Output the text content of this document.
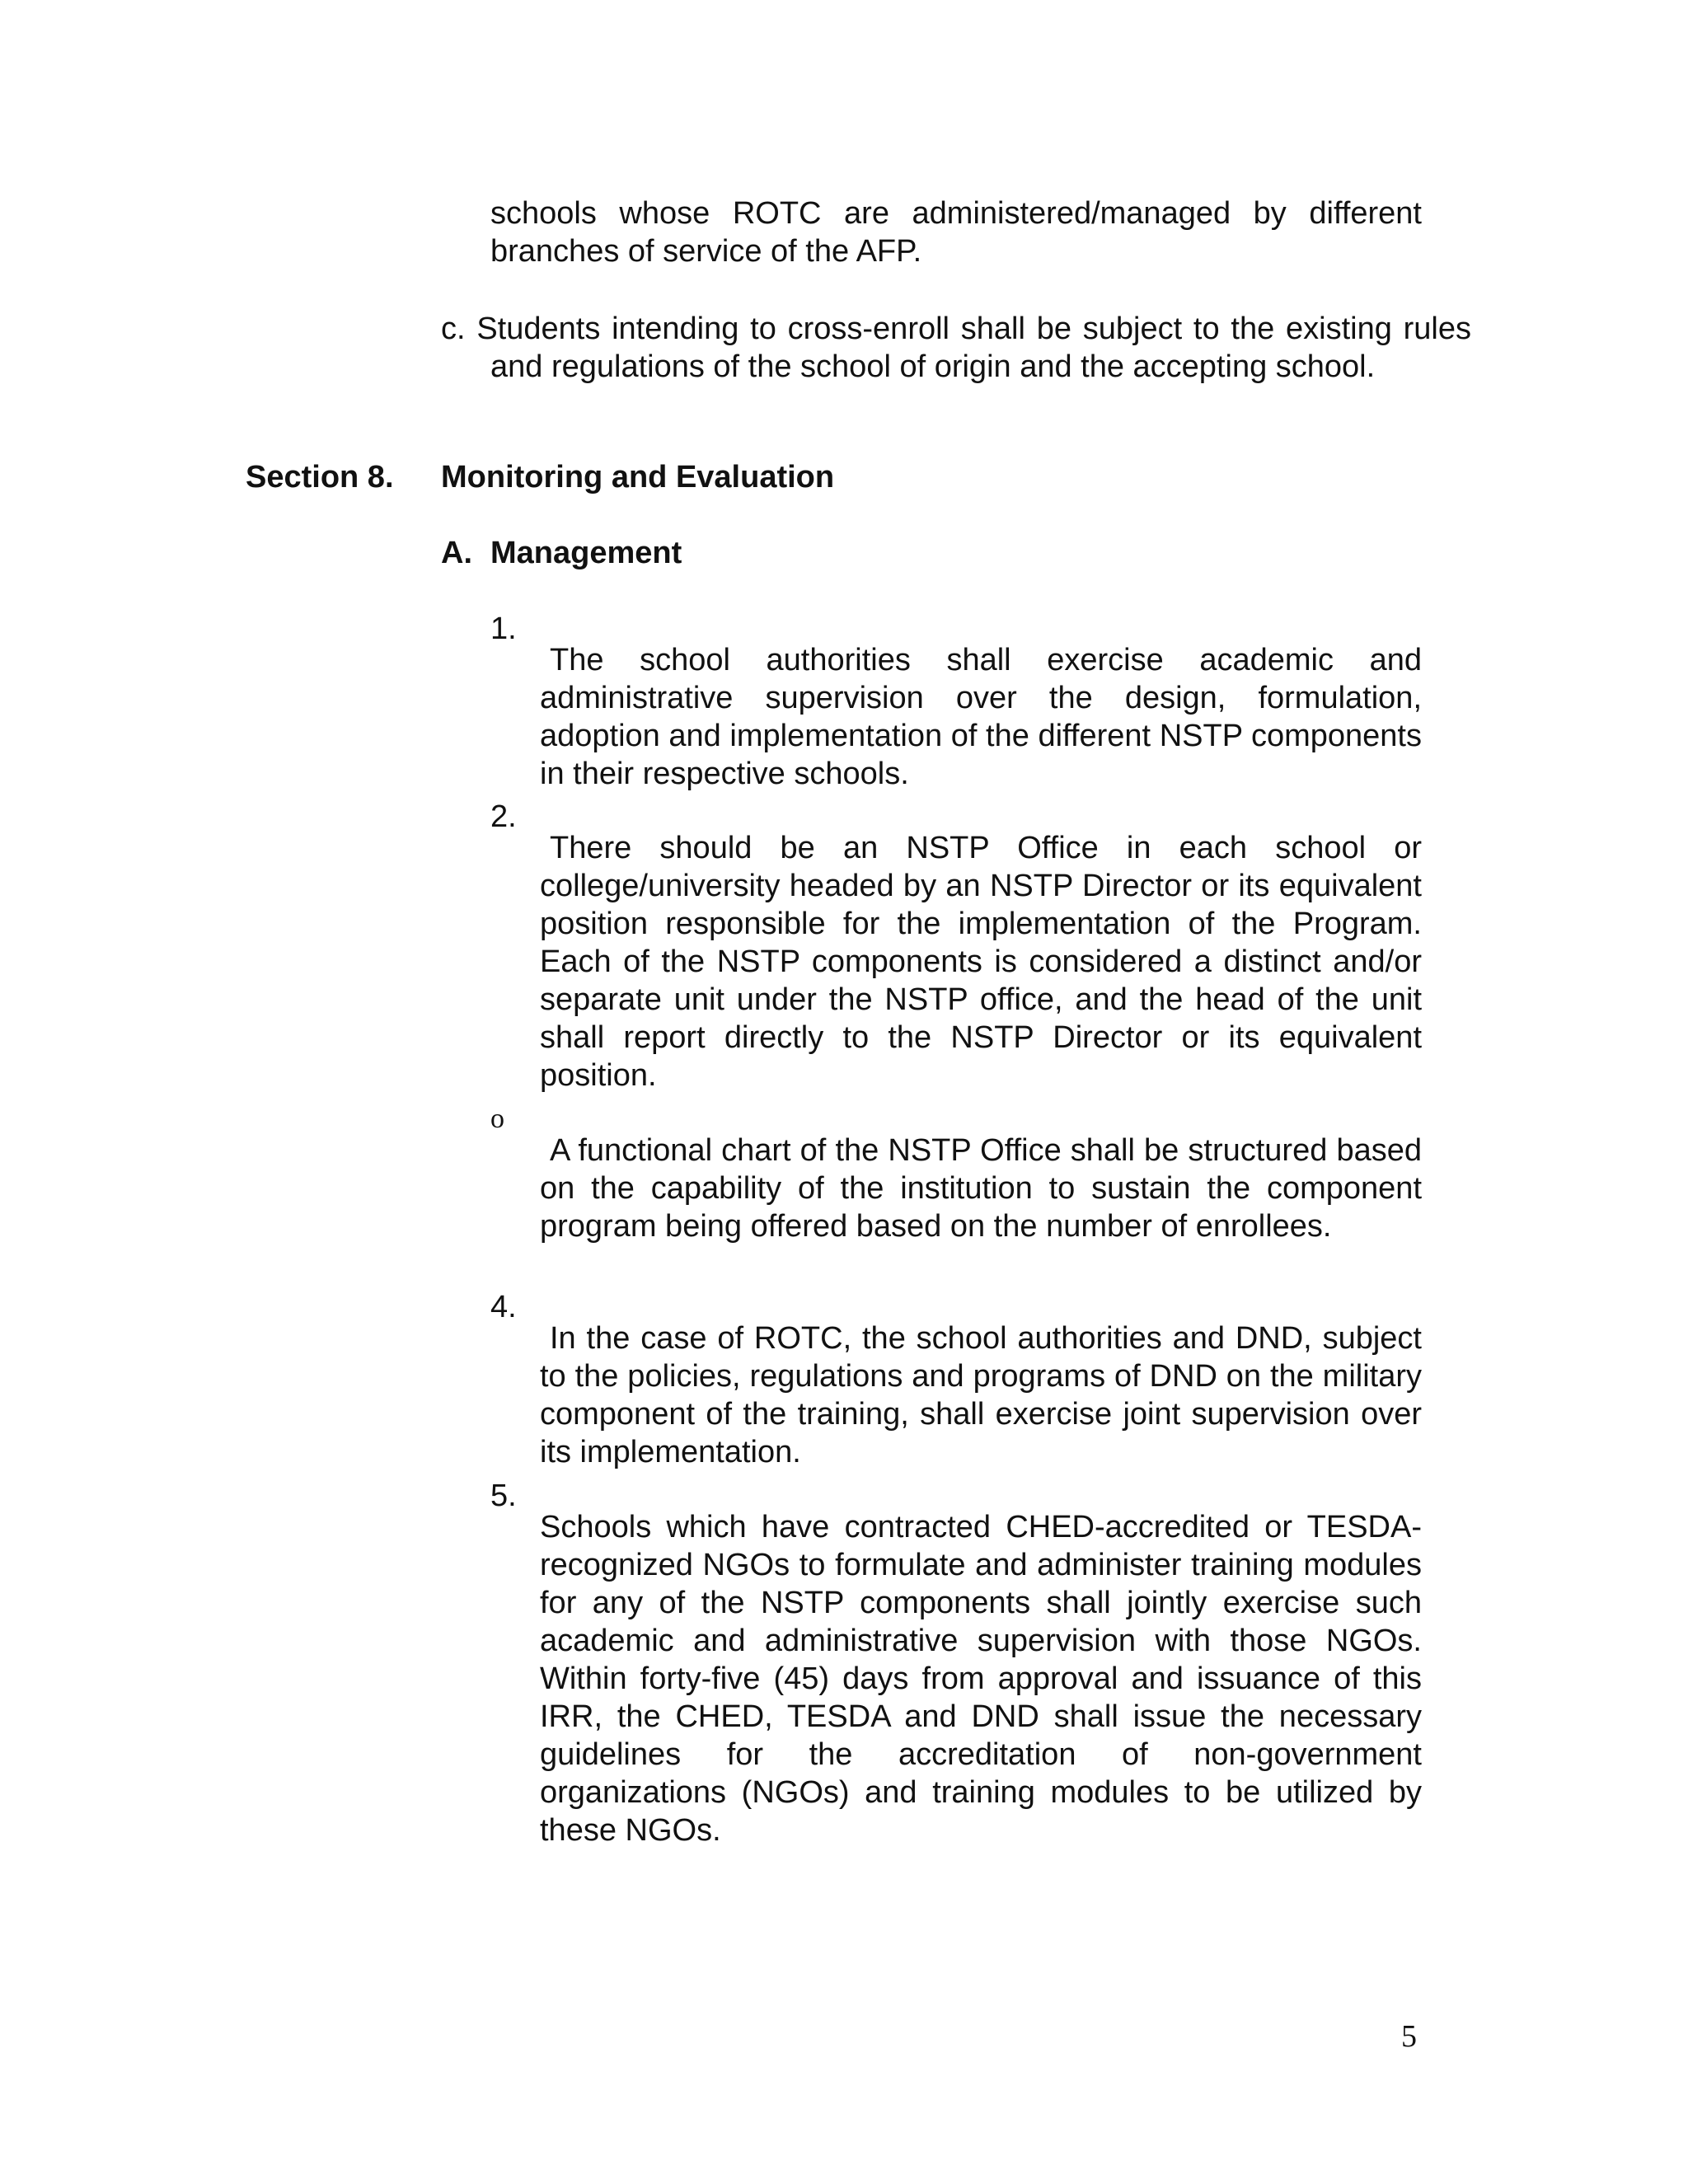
schools whose ROTC are administered/managed by different branches of service of the AFP.

c. Students intending to cross-enroll shall be subject to the existing rules and regulations of the school of origin and the accepting school.

Section 8. Monitoring and Evaluation
A. Management
1.

The school authorities shall exercise academic and administrative supervision over the design, formulation, adoption and implementation of the different NSTP components in their respective schools.

2.

There should be an NSTP Office in each school or college/university headed by an NSTP Director or its equivalent position responsible for the implementation of the Program. Each of the NSTP components is considered a distinct and/or separate unit under the NSTP office, and the head of the unit shall report directly to the NSTP Director or its equivalent position.

o

A functional chart of the NSTP Office shall be structured based on the capability of the institution to sustain the component program being offered based on the number of enrollees.

4.

In the case of ROTC, the school authorities and DND, subject to the policies, regulations and programs of DND on the military component of the training, shall exercise joint supervision over its implementation.

5.

Schools which have contracted CHED-accredited or TESDA-recognized NGOs to formulate and administer training modules for any of the NSTP components shall jointly exercise such academic and administrative supervision with those NGOs. Within forty-five (45) days from approval and issuance of this IRR, the CHED, TESDA and DND shall issue the necessary guidelines for the accreditation of non-government organizations (NGOs) and training modules to be utilized by these NGOs.

5
